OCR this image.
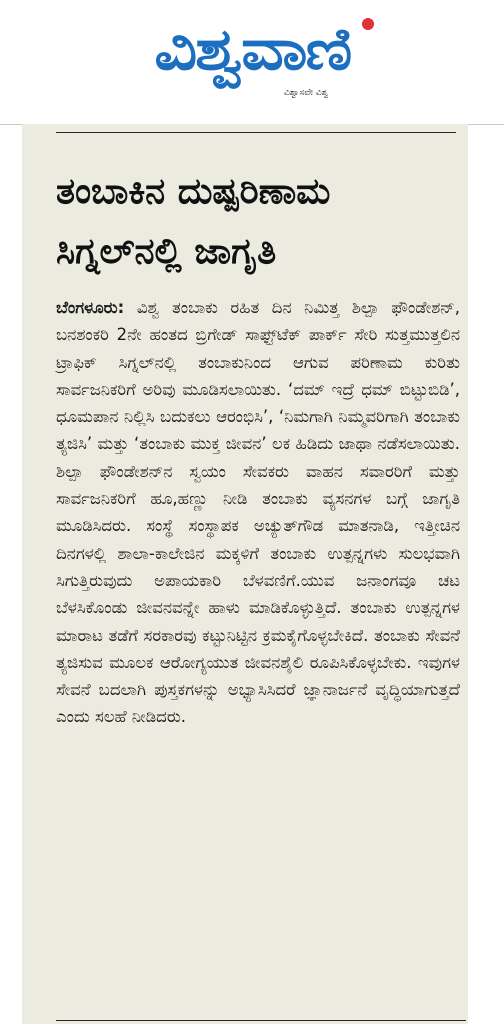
ವಿಶ್ವವಾಣಿ
ವಿಶ್ವಾಸವೇ ವಿಶ್ವ
ತಂಬಾಕಿನ ದುಷ್ಪರಿಣಾಮ ಸಿಗ್ನಲ್‌ನಲ್ಲಿ ಜಾಗೃತಿ

ಬೆಂಗಳೂರು: ವಿಶ್ವ ತಂಬಾಕು ರಹಿತ ದಿನ ನಿಮಿತ್ತ ಶಿಲ್ಪಾ ಫೌಂಡೇಶನ್, ಬನಶಂಕರಿ 2ನೇ ಹಂತದ ಬ್ರಿಗೇಡ್ ಸಾಫ್ಟ್‌ಟೆಕ್ ಪಾರ್ಕ್ ಸೇರಿ ಸುತ್ತಮುತ್ತಲಿನ ಟ್ರಾಫಿಕ್ ಸಿಗ್ನಲ್‌ನಲ್ಲಿ ತಂಬಾಕುನಿಂದ ಆಗುವ ಪರಿಣಾಮ ಕುರಿತು ಸಾರ್ವಜನಿಕರಿಗೆ ಅರಿವು ಮೂಡಿಸಲಾಯಿತು. ‘ದಮ್ ಇದ್ರೆ ಧಮ್ ಬಿಟ್ಟುಬಿಡಿ’, ಧೂಮಪಾನ ನಿಲ್ಲಿಸಿ ಬದುಕಲು ಆರಂಭಿಸಿ’, ‘ನಿಮಗಾಗಿ ನಿಮ್ಮವರಿಗಾಗಿ ತಂಬಾಕು ತ್ಯಜಿಸಿ’ ಮತ್ತು ‘ತಂಬಾಕು ಮುಕ್ತ ಜೀವನ’ ಲಕ ಹಿಡಿದು ಜಾಥಾ ನಡೆಸಲಾಯಿತು. ಶಿಲ್ಪಾ ಫೌಂಡೇಶನ್‌ನ ಸ್ವಯಂ ಸೇವಕರು ವಾಹನ ಸವಾರರಿಗೆ ಮತ್ತು ಸಾರ್ವಜನಿಕರಿಗೆ ಹೂ,ಹಣ್ಣು ನೀಡಿ ತಂಬಾಕು ವ್ಯಸನಗಳ ಬಗ್ಗೆ ಜಾಗೃತಿ ಮೂಡಿಸಿದರು. ಸಂಸ್ಥೆ ಸಂಸ್ಥಾಪಕ ಅಚ್ಯುತ್‌ಗೌಡ ಮಾತನಾಡಿ, ಇತ್ತೀಚಿನ ದಿನಗಳಲ್ಲಿ ಶಾಲಾ-ಕಾಲೇಜಿನ ಮಕ್ಕಳಿಗೆ ತಂಬಾಕು ಉತ್ಪನ್ನಗಳು ಸುಲಭವಾಗಿ ಸಿಗುತ್ತಿರುವುದು ಅಪಾಯಕಾರಿ ಬೆಳವಣಿಗೆ.ಯುವ ಜನಾಂಗವೂ ಚಟ ಬೆಳಸಿಕೊಂಡು ಜೀವನವನ್ನೇ ಹಾಳು ಮಾಡಿಕೊಳ್ಳುತ್ತಿದೆ. ತಂಬಾಕು ಉತ್ಪನ್ನಗಳ ಮಾರಾಟ ತಡೆಗೆ ಸರಕಾರವು ಕಟ್ಟುನಿಟ್ಟಿನ ಕ್ರಮಕೈಗೊಳ್ಳಬೇಕಿದೆ. ತಂಬಾಕು ಸೇವನೆ ತ್ಯಜಿಸುವ ಮೂಲಕ ಆರೋಗ್ಯಯುತ ಜೀವನಶೈಲಿ ರೂಪಿಸಿಕೊಳ್ಳಬೇಕು. ಇವುಗಳ ಸೇವನೆ ಬದಲಾಗಿ ಪುಸ್ತಕಗಳನ್ನು ಅಭ್ಯಾಸಿಸಿದರೆ ಜ್ಞಾನಾರ್ಜನೆ ವೃದ್ಧಿಯಾಗುತ್ತದೆ ಎಂದು ಸಲಹೆ ನೀಡಿದರು.
